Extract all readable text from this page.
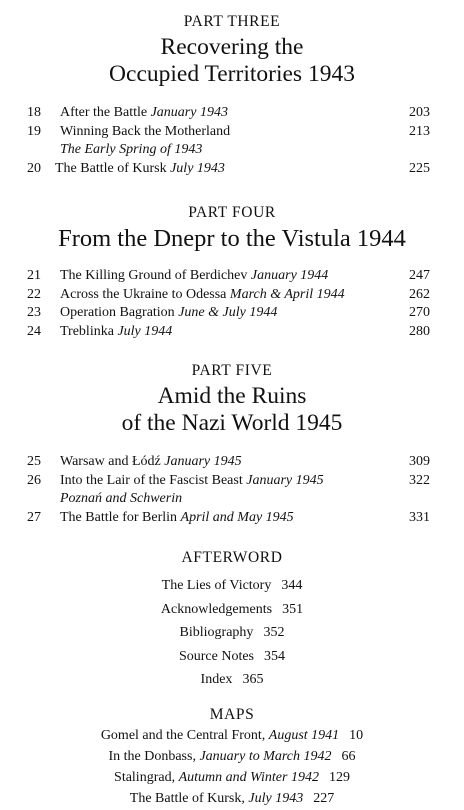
PART THREE
Recovering the
Occupied Territories 1943
18 After the Battle January 1943	203
19 Winning Back the Motherland	213
The Early Spring of 1943
20 The Battle of Kursk July 1943	225
PART FOUR
From the Dnepr to the Vistula 1944
21 The Killing Ground of Berdichev January 1944	247
22 Across the Ukraine to Odessa March & April 1944	262
23 Operation Bagration June & July 1944	270
24 Treblinka July 1944	280
PART FIVE
Amid the Ruins
of the Nazi World 1945
25 Warsaw and Łódź January 1945	309
26 Into the Lair of the Fascist Beast January 1945	322
Poznań and Schwerin
27 The Battle for Berlin April and May 1945	331
AFTERWORD
The Lies of Victory 344
Acknowledgements 351
Bibliography 352
Source Notes 354
Index 365
MAPS
Gomel and the Central Front, August 1941 10
In the Donbass, January to March 1942 66
Stalingrad, Autumn and Winter 1942 129
The Battle of Kursk, July 1943 227
